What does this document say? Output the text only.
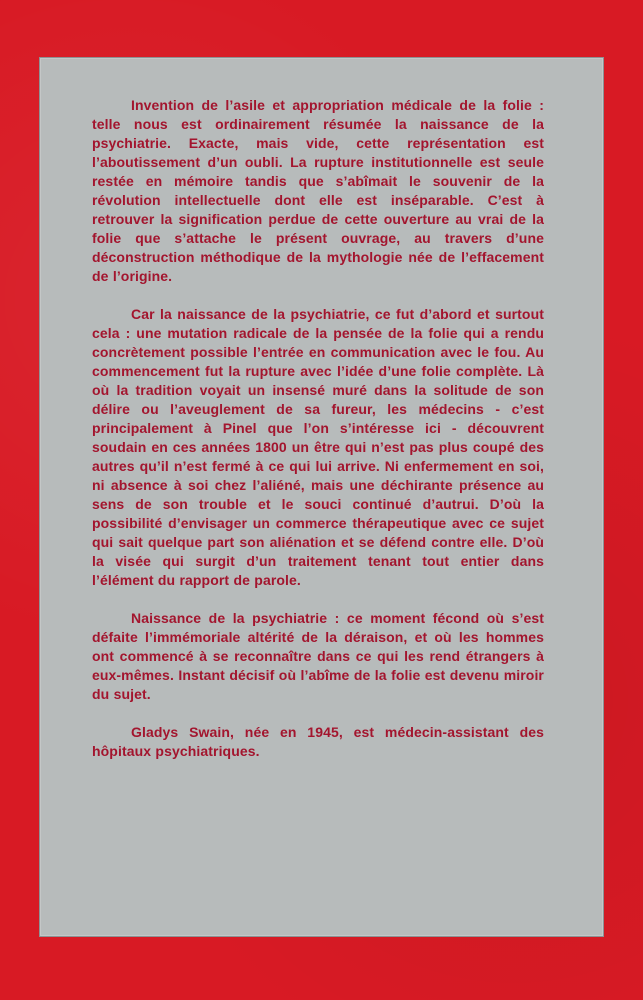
Invention de l’asile et appropriation médicale de la folie : telle nous est ordinairement résumée la naissance de la psychiatrie. Exacte, mais vide, cette représentation est l’aboutissement d’un oubli. La rupture institutionnelle est seule restée en mémoire tandis que s’abîmait le souvenir de la révolution intellectuelle dont elle est inséparable. C’est à retrouver la signification perdue de cette ouverture au vrai de la folie que s’attache le présent ouvrage, au travers d’une déconstruction méthodique de la mythologie née de l’effacement de l’origine.

Car la naissance de la psychiatrie, ce fut d’abord et surtout cela : une mutation radicale de la pensée de la folie qui a rendu concrètement possible l’entrée en communication avec le fou. Au commencement fut la rupture avec l’idée d’une folie complète. Là où la tradition voyait un insensé muré dans la solitude de son délire ou l’aveuglement de sa fureur, les médecins - c’est principalement à Pinel que l’on s’intéresse ici - découvrent soudain en ces années 1800 un être qui n’est pas plus coupé des autres qu’il n’est fermé à ce qui lui arrive. Ni enfermement en soi, ni absence à soi chez l’aliéné, mais une déchirante présence au sens de son trouble et le souci continué d’autrui. D’où la possibilité d’envisager un commerce thérapeutique avec ce sujet qui sait quelque part son aliénation et se défend contre elle. D’où la visée qui surgit d’un traitement tenant tout entier dans l’élément du rapport de parole.

Naissance de la psychiatrie : ce moment fécond où s’est défaite l’immémoriale altérité de la déraison, et où les hommes ont commencé à se reconnaître dans ce qui les rend étrangers à eux-mêmes. Instant décisif où l’abîme de la folie est devenu miroir du sujet.

Gladys Swain, née en 1945, est médecin-assistant des hôpitaux psychiatriques.
